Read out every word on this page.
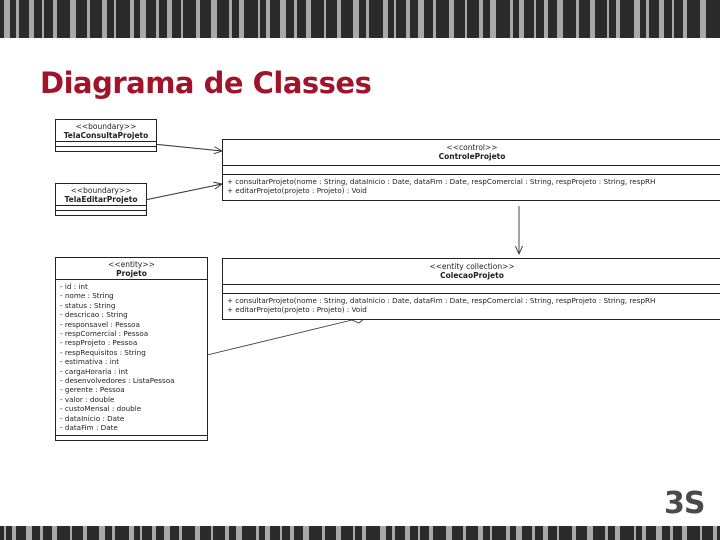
Diagrama de Classes
<<boundary>>
TelaConsultaProjeto
<<boundary>>
TelaEditarProjeto
<<entity>>
Projeto
- id : int
- nome : String
- status : String
- descricao : String
- responsavel : Pessoa
- respComercial : Pessoa
- respProjeto : Pessoa
- respRequisitos : String
- estimativa : int
- cargaHoraria : int
- desenvolvedores : ListaPessoa
- gerente : Pessoa
- valor : double
- custoMensal : double
- dataInicio : Date
- dataFim : Date
<<control>>
ControleProjeto
+ consultarProjeto(nome : String, dataInicio : Date, dataFim : Date, respComercial : String, respProjeto : String, respRH
+ editarProjeto(projeto : Projeto) : Void
<<entity collection>>
ColecaoProjeto
+ consultarProjeto(nome : String, dataInicio : Date, dataFim : Date, respComercial : String, respProjeto : String, respRH
+ editarProjeto(projeto : Projeto) : Void
3S
